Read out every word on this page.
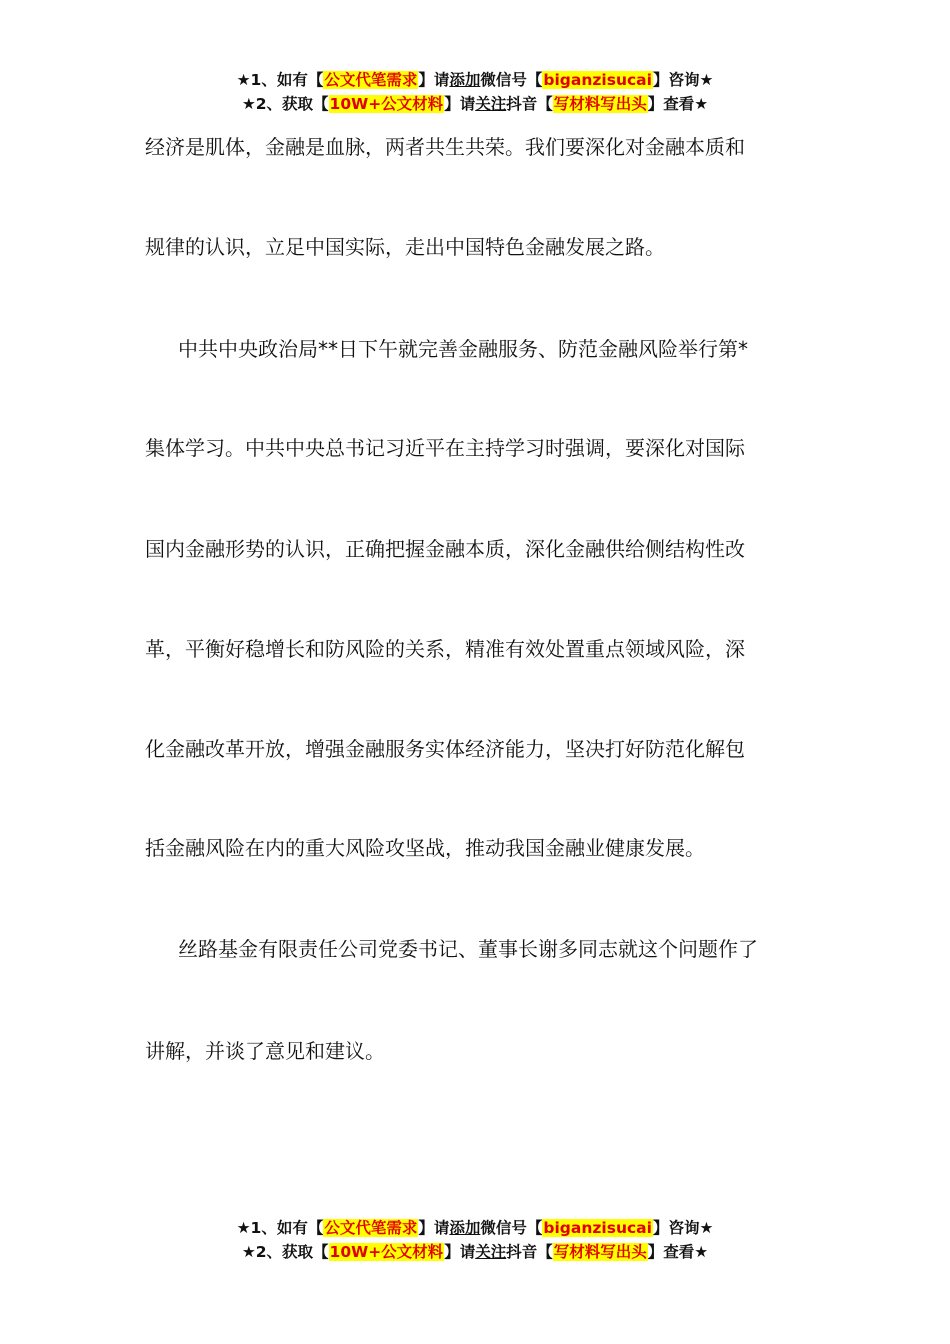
★1、如有【公文代笔需求】请添加微信号【biganzisucai】咨询★
★2、获取【10W+公文材料】请关注抖音【写材料写出头】查看★

经济是肌体，金融是血脉，两者共生共荣。我们要深化对金融本质和

规律的认识，立足中国实际，走出中国特色金融发展之路。

中共中央政治局**日下午就完善金融服务、防范金融风险举行第*

集体学习。中共中央总书记习近平在主持学习时强调，要深化对国际

国内金融形势的认识，正确把握金融本质，深化金融供给侧结构性改

革，平衡好稳增长和防风险的关系，精准有效处置重点领域风险，深

化金融改革开放，增强金融服务实体经济能力，坚决打好防范化解包

括金融风险在内的重大风险攻坚战，推动我国金融业健康发展。

丝路基金有限责任公司党委书记、董事长谢多同志就这个问题作了

讲解，并谈了意见和建议。

★1、如有【公文代笔需求】请添加微信号【biganzisucai】咨询★
★2、获取【10W+公文材料】请关注抖音【写材料写出头】查看★
